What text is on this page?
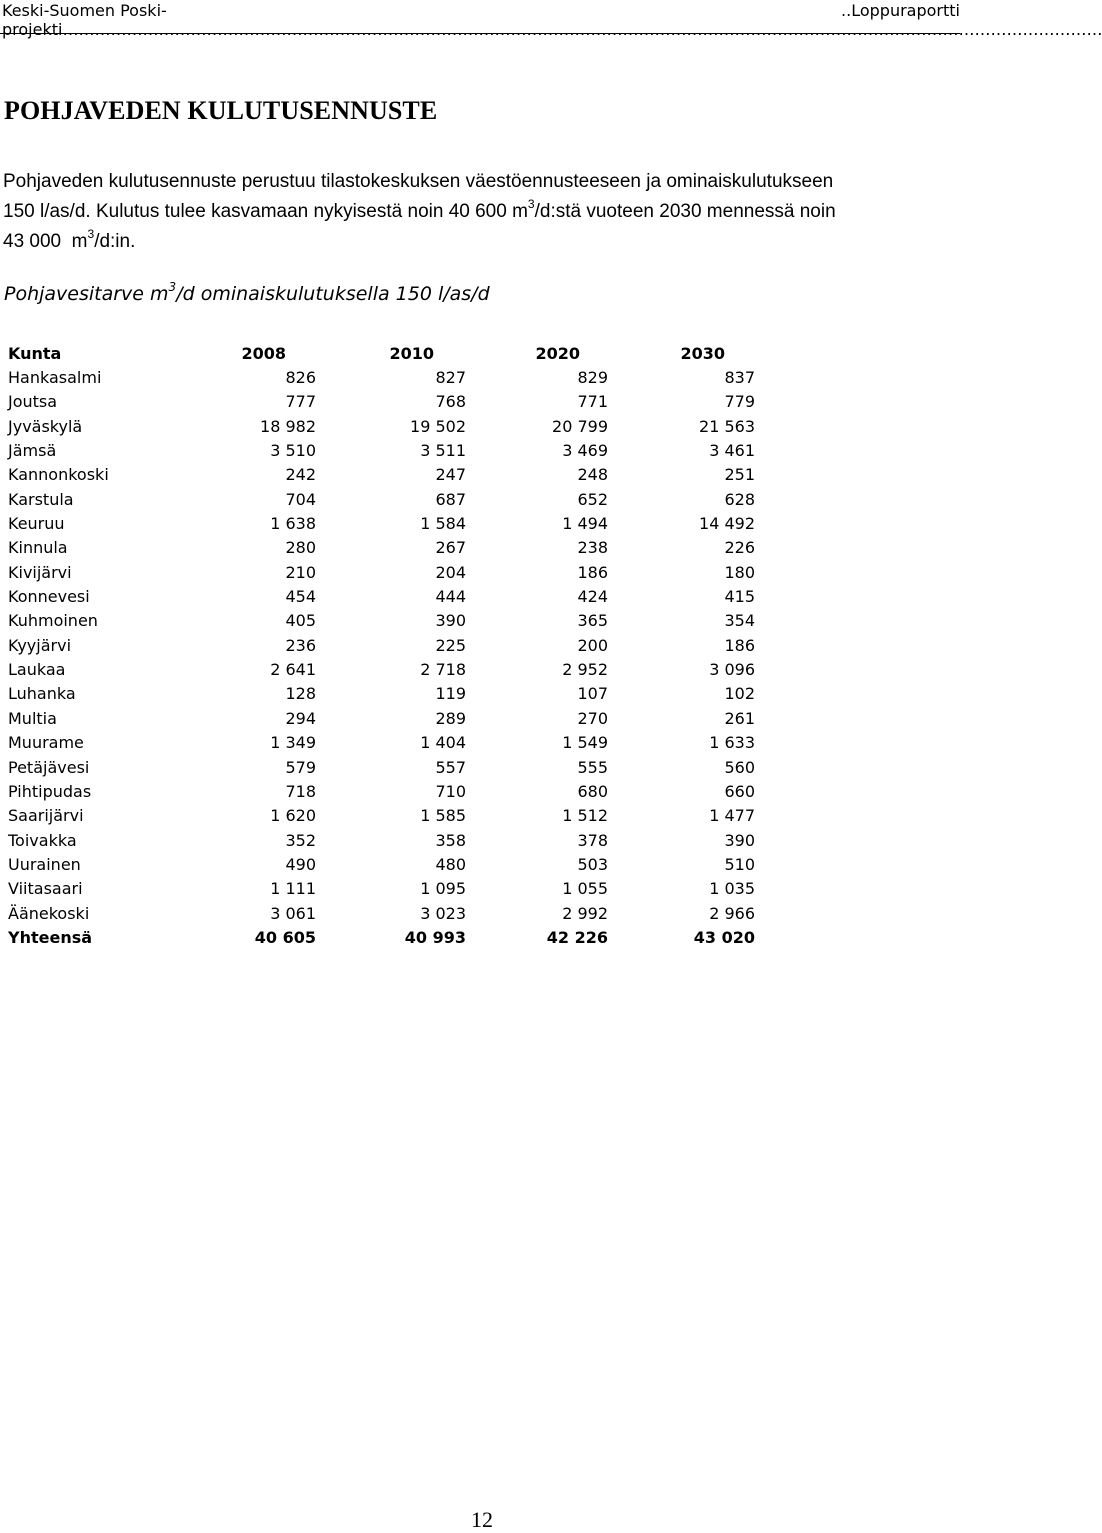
Keski-Suomen Poski-projekti……………………………………………………………………………………………………………………………………………………………………………
..Loppuraportti
POHJAVEDEN KULUTUSENNUSTE
Pohjaveden kulutusennuste perustuu tilastokeskuksen väestöennusteeseen ja ominaiskulutukseen
150 l/as/d. Kulutus tulee kasvamaan nykyisestä noin 40 600 $m^3/d:stä$ vuoteen 2030 mennessä noin
43 000  $m^3/d:in$.
Pohjavesitarve $m^3/d$ ominaiskulutuksella 150 l/as/d
Kunta	2008	2010	2020	2030
Hankasalmi	826	827	829	837
Joutsa	777	768	771	779
Jyväskylä	18 982	19 502	20 799	21 563
Jämsä	3 510	3 511	3 469	3 461
Kannonkoski	242	247	248	251
Karstula	704	687	652	628
Keuruu	1 638	1 584	1 494	14 492
Kinnula	280	267	238	226
Kivijärvi	210	204	186	180
Konnevesi	454	444	424	415
Kuhmoinen	405	390	365	354
Kyyjärvi	236	225	200	186
Laukaa	2 641	2 718	2 952	3 096
Luhanka	128	119	107	102
Multia	294	289	270	261
Muurame	1 349	1 404	1 549	1 633
Petäjävesi	579	557	555	560
Pihtipudas	718	710	680	660
Saarijärvi	1 620	1 585	1 512	1 477
Toivakka	352	358	378	390
Uurainen	490	480	503	510
Viitasaari	1 111	1 095	1 055	1 035
Äänekoski	3 061	3 023	2 992	2 966
Yhteensä	40 605	40 993	42 226	43 020
12
